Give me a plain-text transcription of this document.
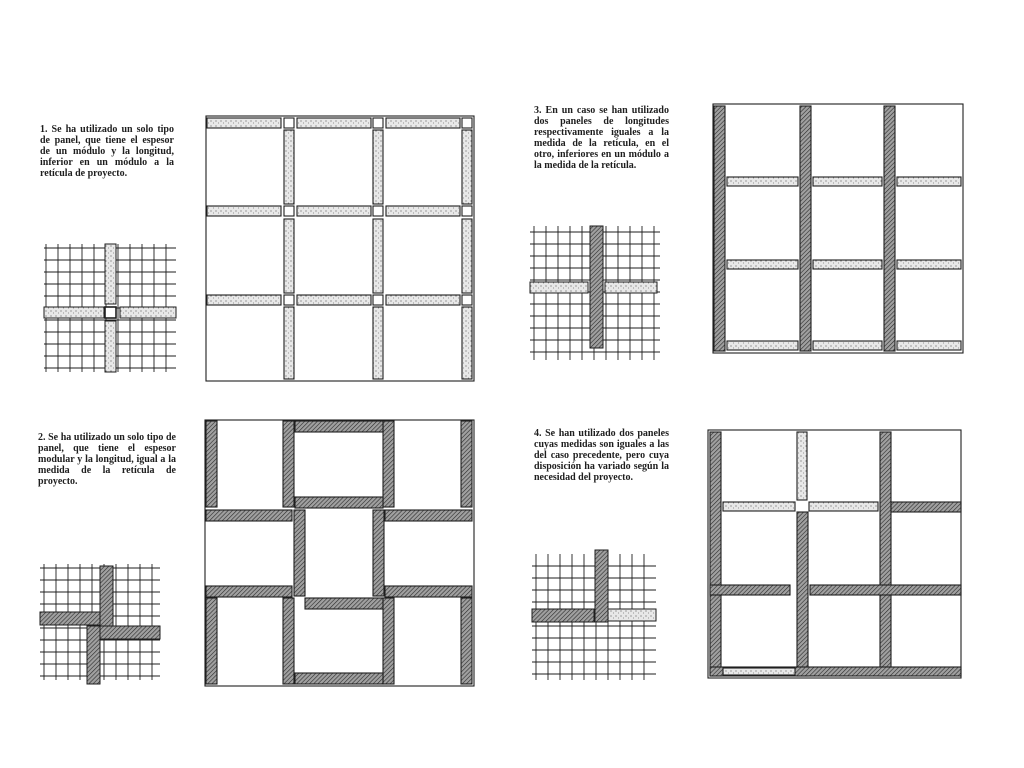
1. Se ha utilizado un solo tipo de panel, que tiene el espesor de un módulo y la longitud, inferior en un módulo a la retícula de proyecto.

2. Se ha utilizado un solo tipo de panel, que tiene el espesor modular y la longitud, igual a la medida de la retícula de proyecto.

3. En un caso se han utilizado dos paneles de longitudes respectivamente iguales a la medida de la retícula, en el otro, inferiores en un módulo a la medida de la retícula.

4. Se han utilizado dos paneles cuyas medidas son iguales a las del caso precedente, pero cuya disposición ha variado según la necesidad del proyecto.
